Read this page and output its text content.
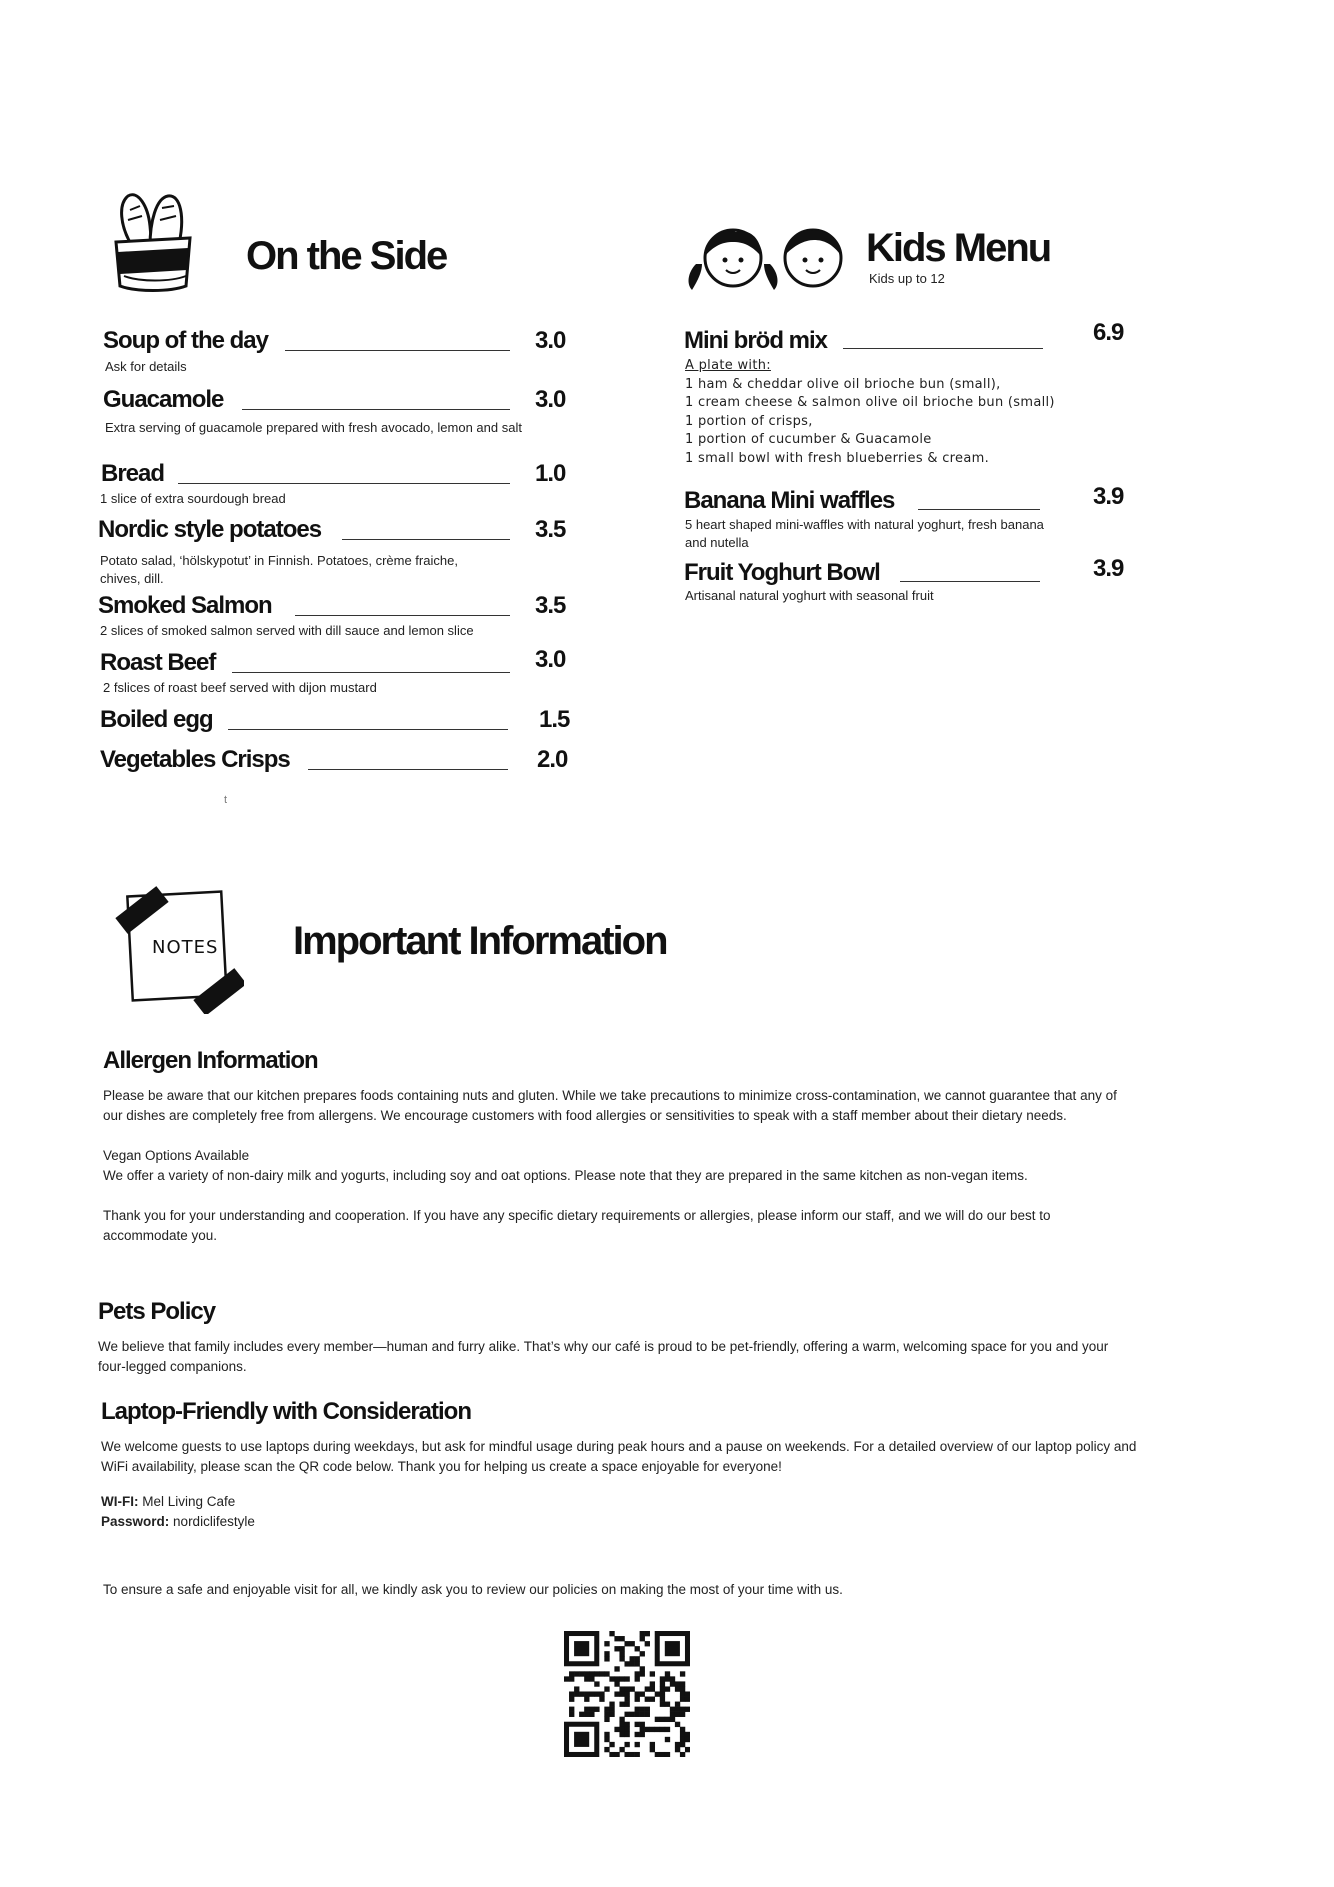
On the Side
Soup of the day	3.0
Ask for details
Guacamole	3.0
Extra serving of guacamole prepared with fresh avocado, lemon and salt
Bread	1.0
1 slice of extra sourdough bread
Nordic style potatoes	3.5
Potato salad, ‘hölskypotut’ in Finnish. Potatoes, crème fraiche, chives, dill.
Smoked Salmon	3.5
2 slices of smoked salmon served with dill sauce and lemon slice
Roast Beef	3.0
2 fslices of roast beef served with dijon mustard
Boiled egg	1.5
Vegetables Crisps	2.0
t
Kids Menu
Kids up to 12
Mini bröd mix	6.9
A plate with:
1 ham & cheddar olive oil brioche bun (small),
1 cream cheese & salmon olive oil brioche bun (small)
1 portion of crisps,
1 portion of cucumber & Guacamole
1 small bowl with fresh blueberries & cream.
Banana Mini waffles	3.9
5 heart shaped mini-waffles with natural yoghurt, fresh banana and nutella
Fruit Yoghurt Bowl	3.9
Artisanal natural yoghurt with seasonal fruit
NOTES Important Information
Allergen Information

Please be aware that our kitchen prepares foods containing nuts and gluten. While we take precautions to minimize cross-contamination, we cannot guarantee that any of our dishes are completely free from allergens. We encourage customers with food allergies or sensitivities to speak with a staff member about their dietary needs.

Vegan Options Available

We offer a variety of non-dairy milk and yogurts, including soy and oat options. Please note that they are prepared in the same kitchen as non-vegan items.

Thank you for your understanding and cooperation. If you have any specific dietary requirements or allergies, please inform our staff, and we will do our best to accommodate you.

Pets Policy
We believe that family includes every member—human and furry alike. That’s why our café is proud to be pet-friendly, offering a warm, welcoming space for you and your four-legged companions.
Laptop-Friendly with Consideration

We welcome guests to use laptops during weekdays, but ask for mindful usage during peak hours and a pause on weekends. For a detailed overview of our laptop policy and WiFi availability, please scan the QR code below. Thank you for helping us create a space enjoyable for everyone!

WI-FI: Mel Living Cafe

Password: nordiclifestyle

To ensure a safe and enjoyable visit for all, we kindly ask you to review our policies on making the most of your time with us.
